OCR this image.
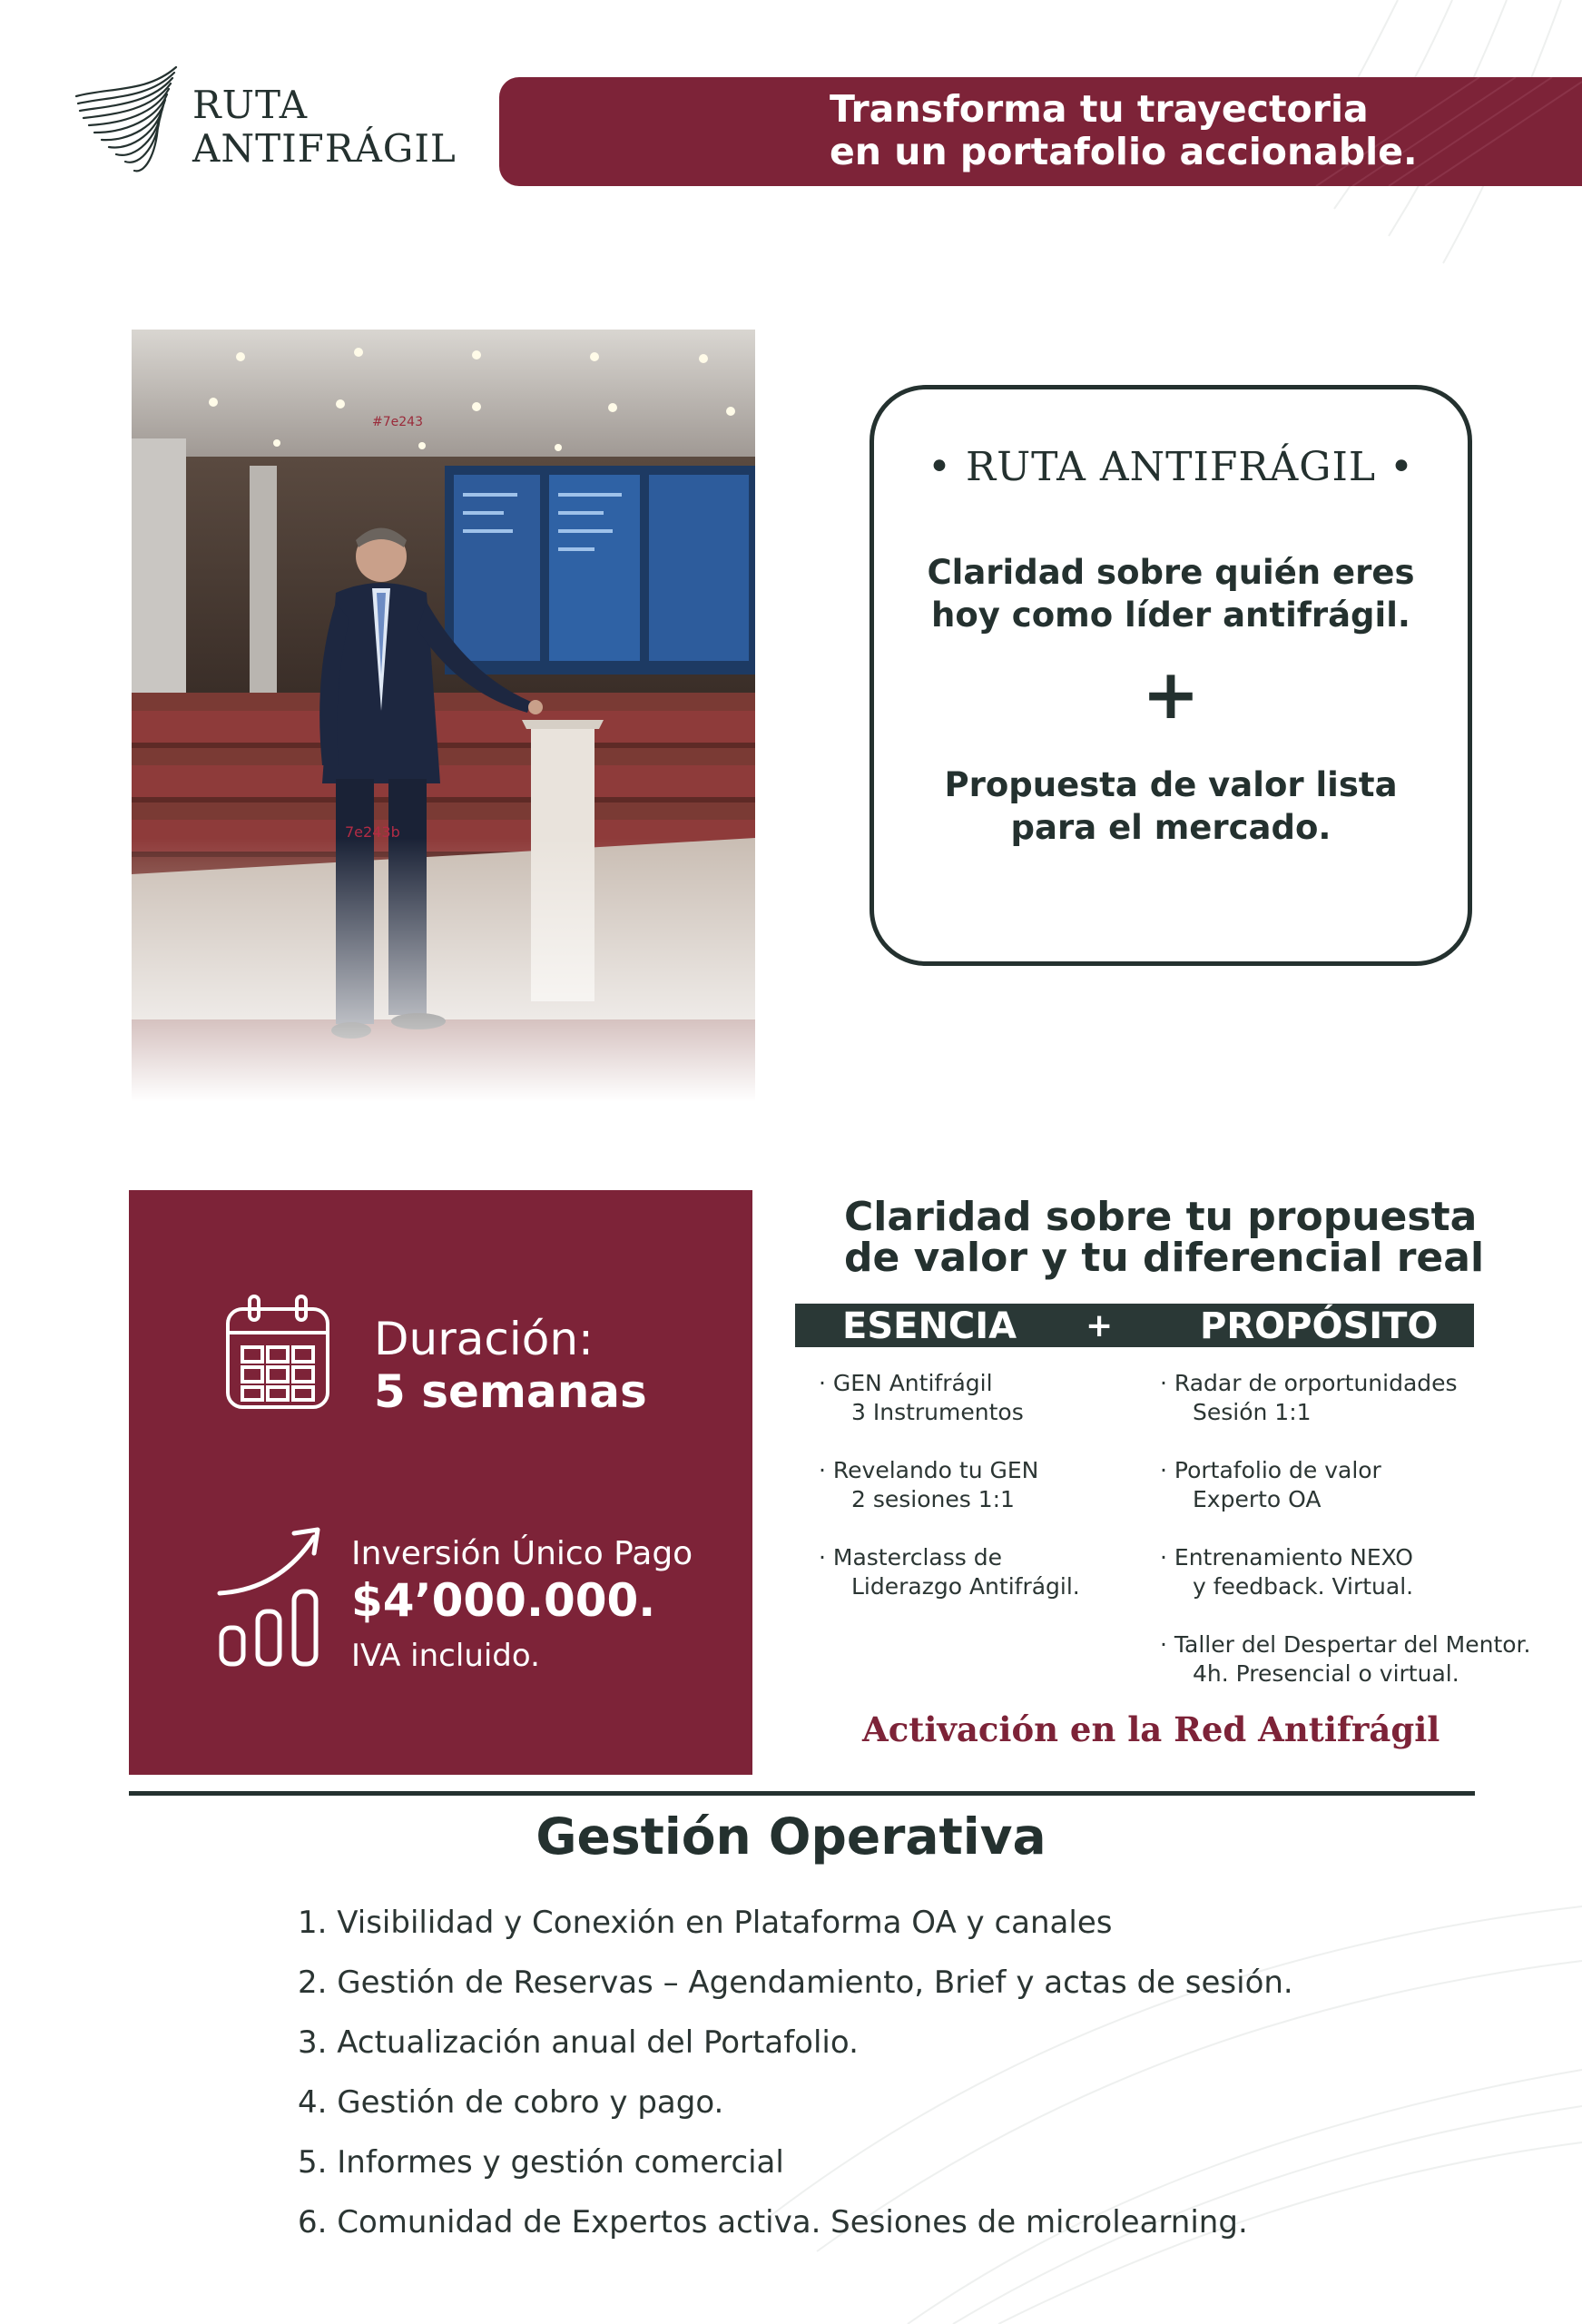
RUTA
ANTIFRÁGIL
Transforma tu trayectoria
en un portafolio accionable.
#7e243
7e243b
• RUTA ANTIFRÁGIL •
Claridad sobre quién eres
hoy como líder antifrágil.
+
Propuesta de valor lista
para el mercado.
Duración:
5 semanas
Inversión Único Pago
$4’000.000.
IVA incluido.
Claridad sobre tu propuesta
de valor y tu diferencial real
ESENCIA + PROPÓSITO
· GEN Antifrágil
3 Instrumentos
· Revelando tu GEN
2 sesiones 1:1
· Masterclass de
Liderazgo Antifrágil.
· Radar de orportunidades
Sesión 1:1
· Portafolio de valor
Experto OA
· Entrenamiento NEXO
y feedback. Virtual.
· Taller del Despertar del Mentor.
4h. Presencial o virtual.
Activación en la Red Antifrágil
Gestión Operativa
1. Visibilidad y Conexión en Plataforma OA y canales
2. Gestión de Reservas – Agendamiento, Brief y actas de sesión.
3. Actualización anual del Portafolio.
4. Gestión de cobro y pago.
5. Informes y gestión comercial
6. Comunidad de Expertos activa. Sesiones de microlearning.
